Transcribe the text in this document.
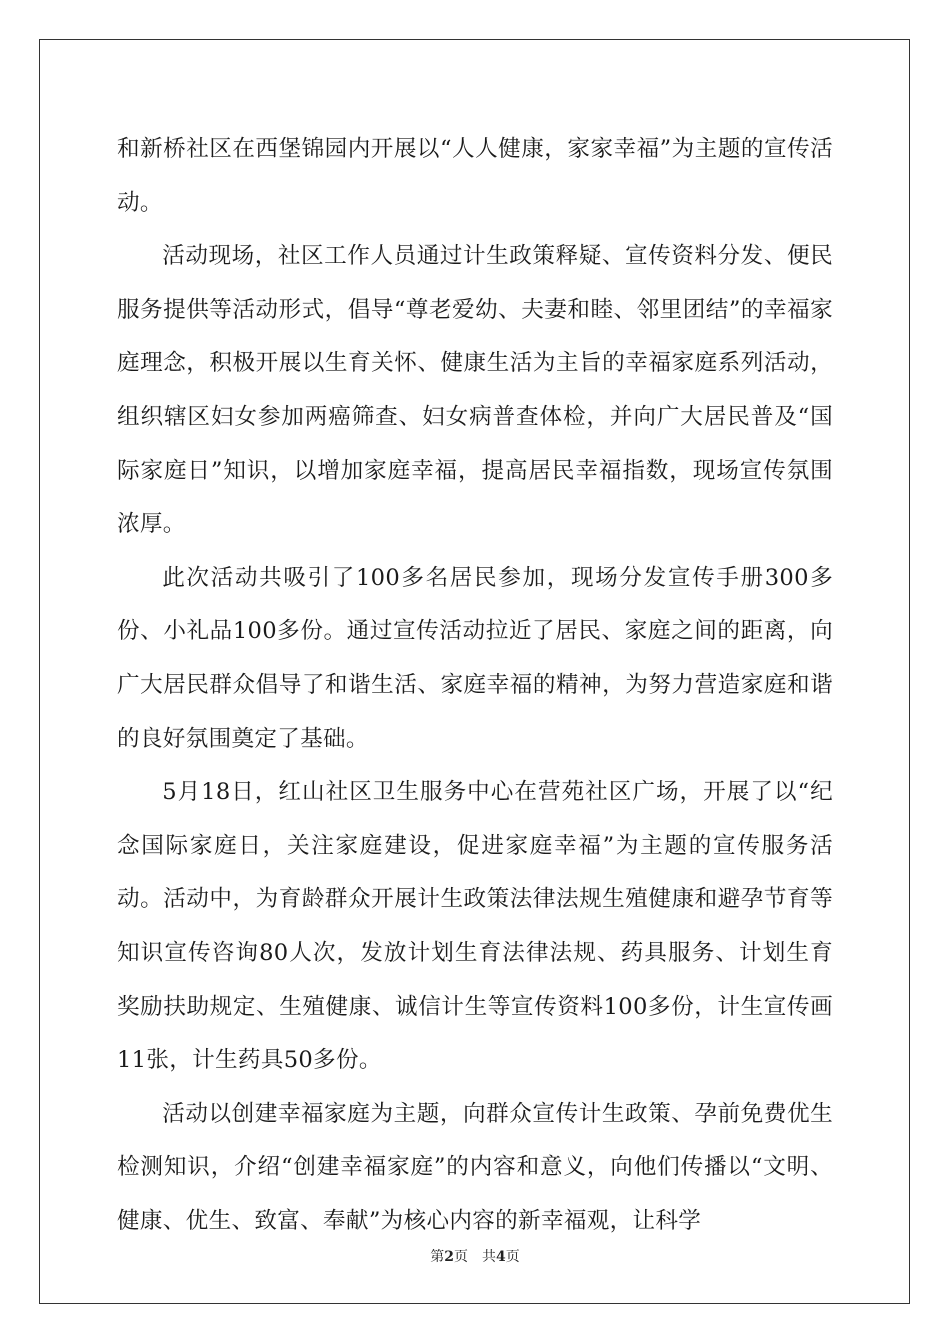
和新桥社区在西堡锦园内开展以“人人健康，家家幸福”为主题的宣传活动。

活动现场，社区工作人员通过计生政策释疑、宣传资料分发、便民服务提供等活动形式，倡导“尊老爱幼、夫妻和睦、邻里团结”的幸福家庭理念，积极开展以生育关怀、健康生活为主旨的幸福家庭系列活动，组织辖区妇女参加两癌筛查、妇女病普查体检，并向广大居民普及“国际家庭日”知识，以增加家庭幸福，提高居民幸福指数，现场宣传氛围浓厚。

此次活动共吸引了100多名居民参加，现场分发宣传手册300多份、小礼品100多份。通过宣传活动拉近了居民、家庭之间的距离，向广大居民群众倡导了和谐生活、家庭幸福的精神，为努力营造家庭和谐的良好氛围奠定了基础。

5月18日，红山社区卫生服务中心在营苑社区广场，开展了以“纪念国际家庭日，关注家庭建设，促进家庭幸福”为主题的宣传服务活动。活动中，为育龄群众开展计生政策法律法规生殖健康和避孕节育等知识宣传咨询80人次，发放计划生育法律法规、药具服务、计划生育奖励扶助规定、生殖健康、诚信计生等宣传资料100多份，计生宣传画11张，计生药具50多份。

活动以创建幸福家庭为主题，向群众宣传计生政策、孕前免费优生检测知识，介绍“创建幸福家庭”的内容和意义，向他们传播以“文明、健康、优生、致富、奉献”为核心内容的新幸福观，让科学

第2页 共4页
